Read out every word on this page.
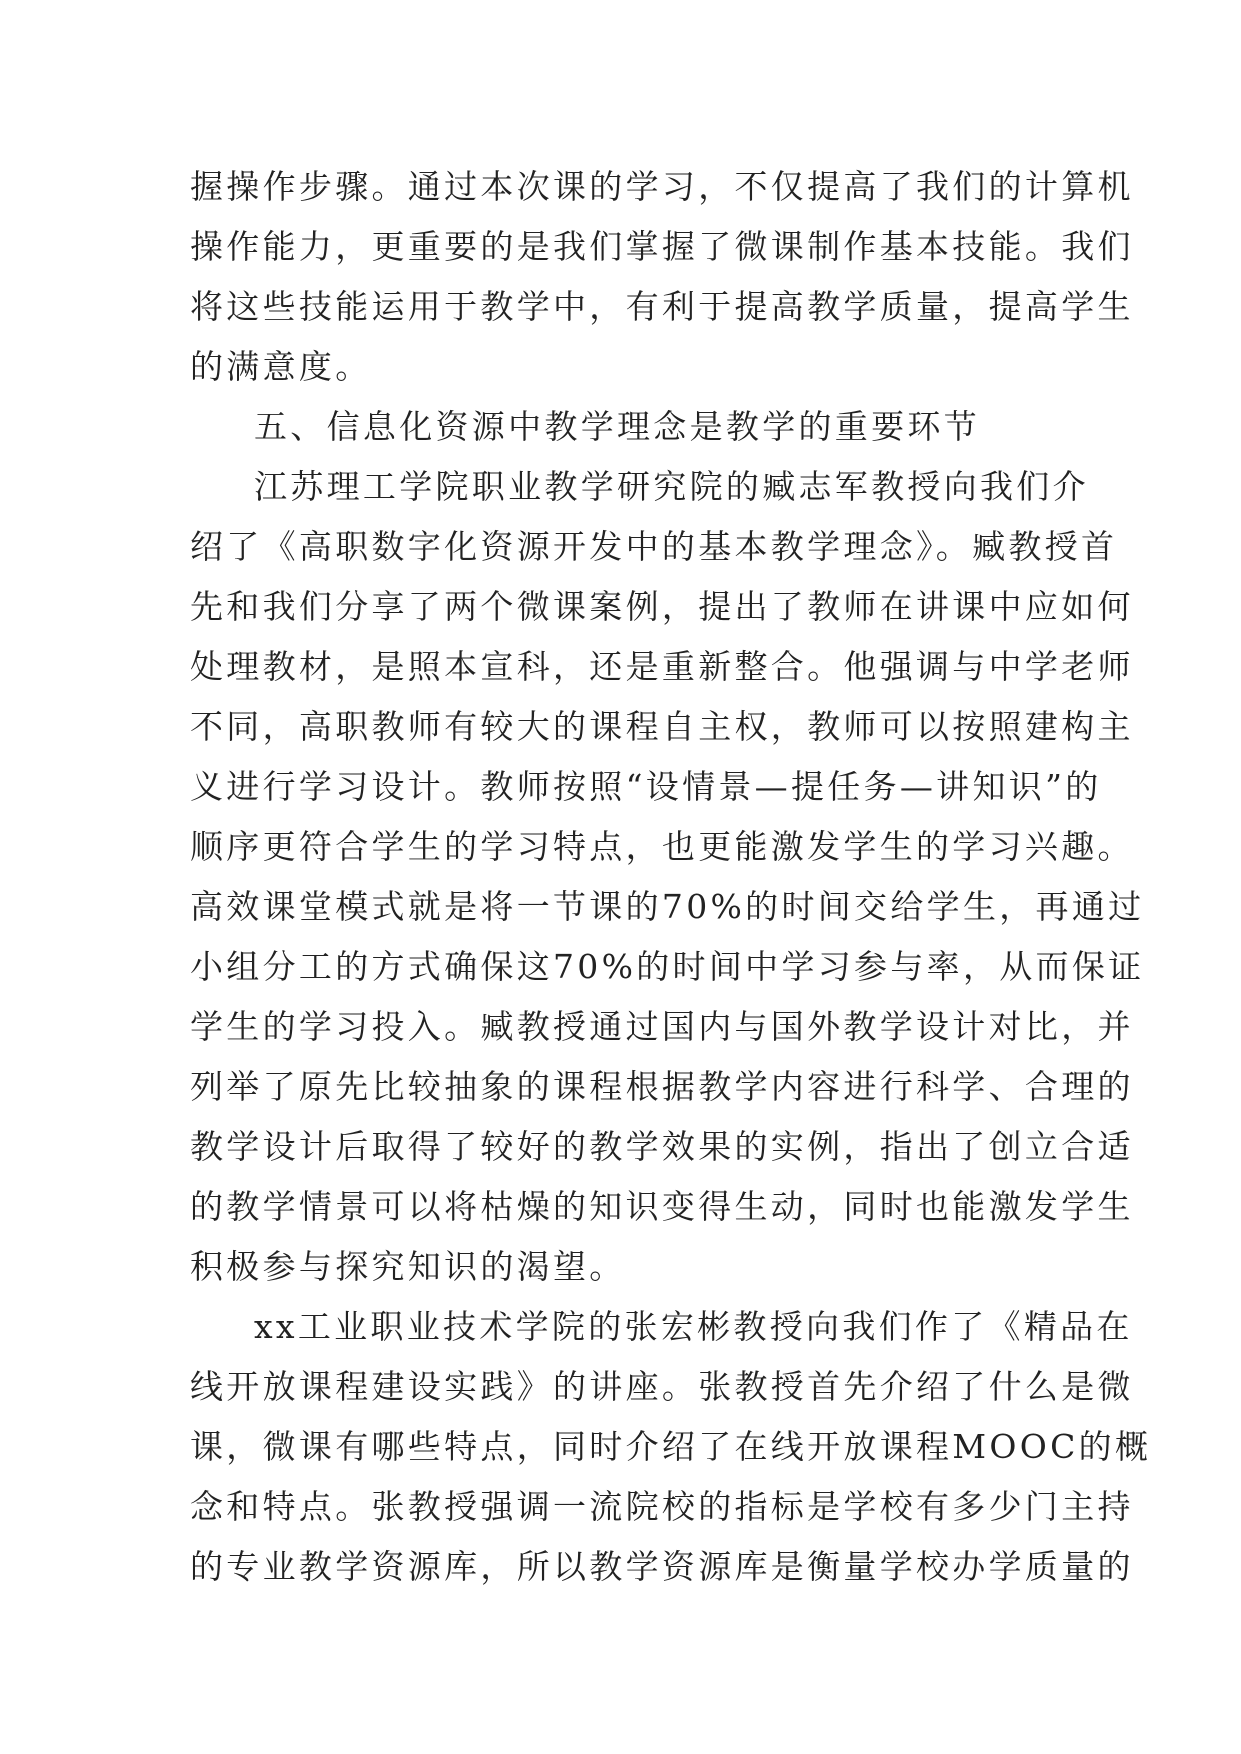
握操作步骤。通过本次课的学习，不仅提高了我们的计算机
操作能力，更重要的是我们掌握了微课制作基本技能。我们
将这些技能运用于教学中，有利于提高教学质量，提高学生
的满意度。
五、信息化资源中教学理念是教学的重要环节
江苏理工学院职业教学研究院的臧志军教授向我们介
绍了《高职数字化资源开发中的基本教学理念》。臧教授首
先和我们分享了两个微课案例，提出了教师在讲课中应如何
处理教材，是照本宣科，还是重新整合。他强调与中学老师
不同，高职教师有较大的课程自主权，教师可以按照建构主
义进行学习设计。教师按照“设情景—提任务—讲知识”的
顺序更符合学生的学习特点，也更能激发学生的学习兴趣。
高效课堂模式就是将一节课的70%的时间交给学生，再通过
小组分工的方式确保这70%的时间中学习参与率，从而保证
学生的学习投入。臧教授通过国内与国外教学设计对比，并
列举了原先比较抽象的课程根据教学内容进行科学、合理的
教学设计后取得了较好的教学效果的实例，指出了创立合适
的教学情景可以将枯燥的知识变得生动，同时也能激发学生
积极参与探究知识的渴望。
xx工业职业技术学院的张宏彬教授向我们作了《精品在
线开放课程建设实践》的讲座。张教授首先介绍了什么是微
课，微课有哪些特点，同时介绍了在线开放课程MOOC的概
念和特点。张教授强调一流院校的指标是学校有多少门主持
的专业教学资源库，所以教学资源库是衡量学校办学质量的
